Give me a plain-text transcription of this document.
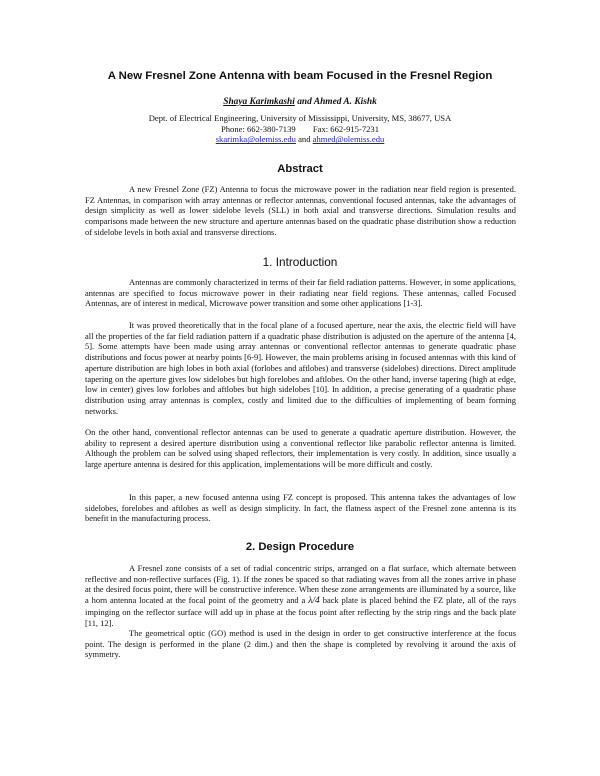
A New Fresnel Zone Antenna with beam Focused in the Fresnel Region
Shaya Karimkashi and Ahmed A. Kishk
Dept. of Electrical Engineering, University of Mississippi, University, MS, 38677, USA
Phone: 662-380-7139        Fax: 662-915-7231
skarimka@olemiss.edu and ahmed@olemiss.edu
Abstract

A new Fresnel Zone (FZ) Antenna to focus the microwave power in the radiation near field region is presented. FZ Antennas, in comparison with array antennas or reflector antennas, conventional focused antennas, take the advantages of design simplicity as well as lower sidelobe levels (SLL) in both axial and transverse directions. Simulation results and comparisons made between the new structure and aperture antennas based on the quadratic phase distribution show a reduction of sidelobe levels in both axial and transverse directions.

1. Introduction

Antennas are commonly characterized in terms of their far field radiation patterns. However, in some applications, antennas are specified to focus microwave power in their radiating near field regions. These antennas, called Focused Antennas, are of interest in medical, Microwave power transition and some other applications [1-3].

It was proved theoretically that in the focal plane of a focused aperture, near the axis, the electric field will have all the properties of the far field radiation pattern if a quadratic phase distribution is adjusted on the aperture of the antenna [4, 5]. Some attempts have been made using array antennas or conventional reflector antennas to generate quadratic phase distributions and focus power at nearby points [6-9]. However, the main problems arising in focused antennas with this kind of aperture distribution are high lobes in both axial (forlobes and aftlobes) and transverse (sidelobes) directions. Direct amplitude tapering on the aperture gives low sidelobes but high forelobes and aftlobes. On the other hand, inverse tapering (high at edge, low in center) gives low forlobes and aftlobes but high sidelobes [10]. In addition, a precise generating of a quadratic phase distribution using array antennas is complex, costly and limited due to the difficulties of implementing of beam forming networks.

On the other hand, conventional reflector antennas can be used to generate a quadratic aperture distribution. However, the ability to represent a desired aperture distribution using a conventional reflector like parabolic reflector antenna is limited. Although the problem can be solved using shaped reflectors, their implementation is very costly. In addition, since usually a large aperture antenna is desired for this application, implementations will be more difficult and costly.

In this paper, a new focused antenna using FZ concept is proposed. This antenna takes the advantages of low sidelobes, forelobes and aftlobes as well as design simplicity. In fact, the flatness aspect of the Fresnel zone antenna is its benefit in the manufacturing process.

2. Design Procedure

A Fresnel zone consists of a set of radial concentric strips, arranged on a flat surface, which alternate between reflective and non-reflective surfaces (Fig. 1). If the zones be spaced so that radiating waves from all the zones arrive in phase at the desired focus point, there will be constructive inference. When these zone arrangements are illuminated by a source, like a horn antenna located at the focal point of the geometry and a λ/4 back plate is placed behind the FZ plate, all of the rays impinging on the reflector surface will add up in phase at the focus point after reflecting by the strip rings and the back plate [11, 12].

The geometrical optic (GO) method is used in the design in order to get constructive interference at the focus point. The design is performed in the plane (2 dim.) and then the shape is completed by revolving it around the axis of symmetry.
